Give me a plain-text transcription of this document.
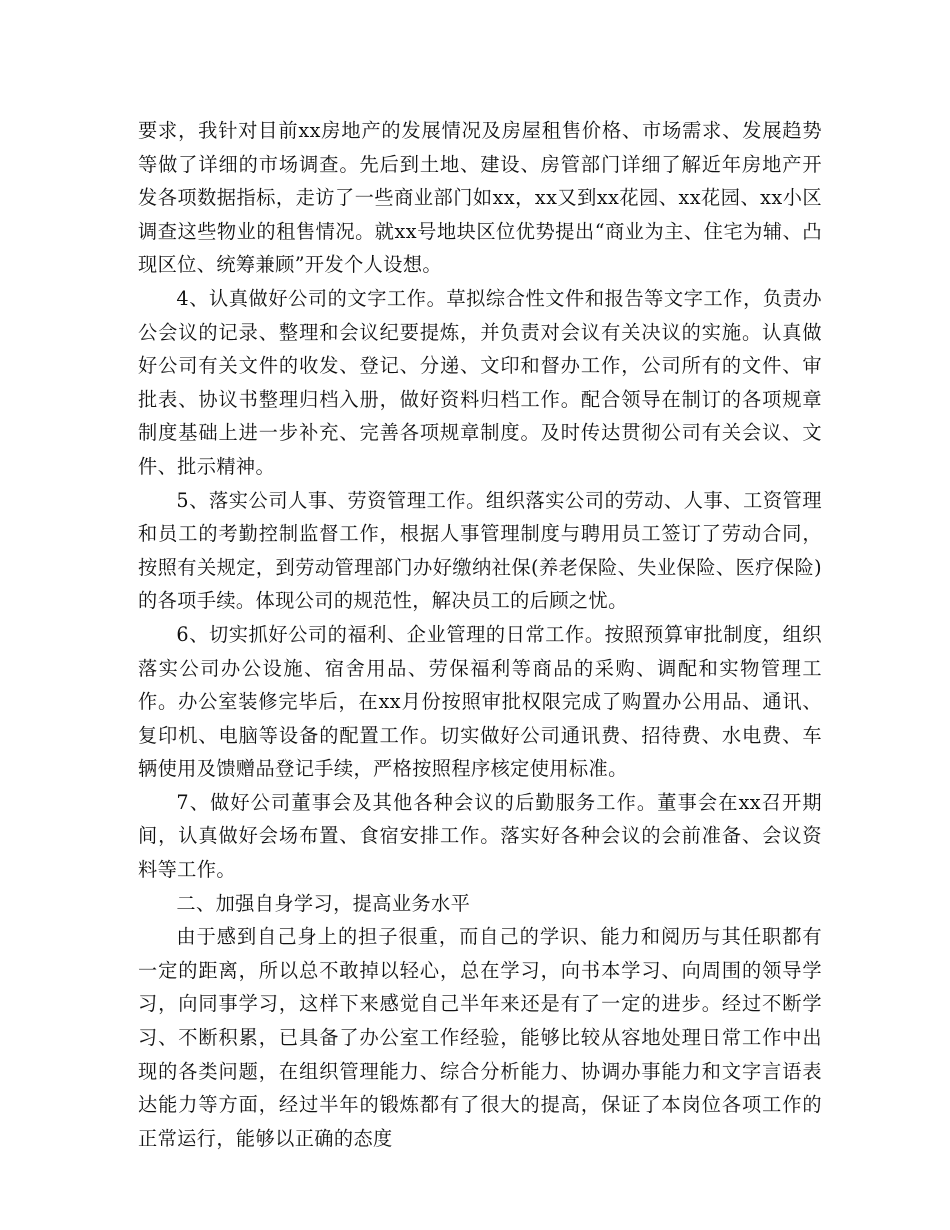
要求，我针对目前xx房地产的发展情况及房屋租售价格、市场需求、发展趋势等做了详细的市场调查。先后到土地、建设、房管部门详细了解近年房地产开发各项数据指标，走访了一些商业部门如xx，xx又到xx花园、xx花园、xx小区调查这些物业的租售情况。就xx号地块区位优势提出“商业为主、住宅为辅、凸现区位、统筹兼顾”开发个人设想。

4、认真做好公司的文字工作。草拟综合性文件和报告等文字工作，负责办公会议的记录、整理和会议纪要提炼，并负责对会议有关决议的实施。认真做好公司有关文件的收发、登记、分递、文印和督办工作，公司所有的文件、审批表、协议书整理归档入册，做好资料归档工作。配合领导在制订的各项规章制度基础上进一步补充、完善各项规章制度。及时传达贯彻公司有关会议、文件、批示精神。

5、落实公司人事、劳资管理工作。组织落实公司的劳动、人事、工资管理和员工的考勤控制监督工作，根据人事管理制度与聘用员工签订了劳动合同，按照有关规定，到劳动管理部门办好缴纳社保(养老保险、失业保险、医疗保险)的各项手续。体现公司的规范性，解决员工的后顾之忧。

6、切实抓好公司的福利、企业管理的日常工作。按照预算审批制度，组织落实公司办公设施、宿舍用品、劳保福利等商品的采购、调配和实物管理工作。办公室装修完毕后，在xx月份按照审批权限完成了购置办公用品、通讯、复印机、电脑等设备的配置工作。切实做好公司通讯费、招待费、水电费、车辆使用及馈赠品登记手续，严格按照程序核定使用标准。

7、做好公司董事会及其他各种会议的后勤服务工作。董事会在xx召开期间，认真做好会场布置、食宿安排工作。落实好各种会议的会前准备、会议资料等工作。

二、加强自身学习，提高业务水平

由于感到自己身上的担子很重，而自己的学识、能力和阅历与其任职都有一定的距离，所以总不敢掉以轻心，总在学习，向书本学习、向周围的领导学习，向同事学习，这样下来感觉自己半年来还是有了一定的进步。经过不断学习、不断积累，已具备了办公室工作经验，能够比较从容地处理日常工作中出现的各类问题，在组织管理能力、综合分析能力、协调办事能力和文字言语表达能力等方面，经过半年的锻炼都有了很大的提高，保证了本岗位各项工作的正常运行，能够以正确的态度
